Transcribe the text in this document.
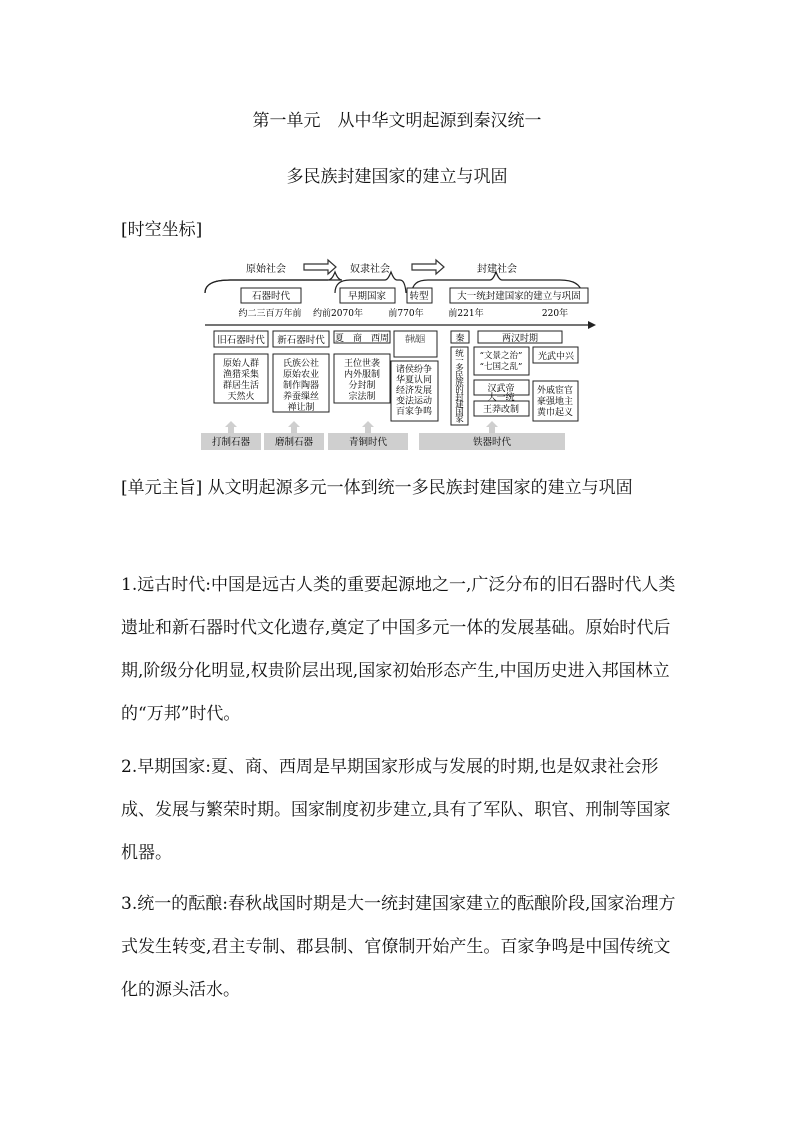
第一单元　从中华文明起源到秦汉统一
多民族封建国家的建立与巩固
[时空坐标]
原始社会	奴隶社会	封建社会
石器时代	早期国家 转型	大一统封建国家的建立与巩固
约二三百万年前 约前2070年	前770年	前221年	220年
旧石器时代 新石器时代 夏　商　西周 春秋战国 秦	两汉时期
原始人群
渔猎采集
群居生活
天然火
氏族公社
原始农业
制作陶器
养蚕缫丝
禅让制
王位世袭
内外服制
分封制
宗法制
诸侯纷争
华夏认同
经济发展
变法运动
百家争鸣
统
一
多
民
族
的
封
建
国
家
“文景之治”
“七国之乱”
汉武帝
大一统
外戚宦官
豪强地主
黄巾起义
光武中兴
王莽改制
打制石器	磨制石器	青铜时代	铁器时代

[单元主旨] 从文明起源多元一体到统一多民族封建国家的建立与巩固

1.远古时代:中国是远古人类的重要起源地之一,广泛分布的旧石器时代人类遗址和新石器时代文化遗存,奠定了中国多元一体的发展基础。原始时代后期,阶级分化明显,权贵阶层出现,国家初始形态产生,中国历史进入邦国林立的“万邦”时代。

2.早期国家:夏、商、西周是早期国家形成与发展的时期,也是奴隶社会形成、发展与繁荣时期。国家制度初步建立,具有了军队、职官、刑制等国家机器。

3.统一的酝酿:春秋战国时期是大一统封建国家建立的酝酿阶段,国家治理方式发生转变,君主专制、郡县制、官僚制开始产生。百家争鸣是中国传统文化的源头活水。
